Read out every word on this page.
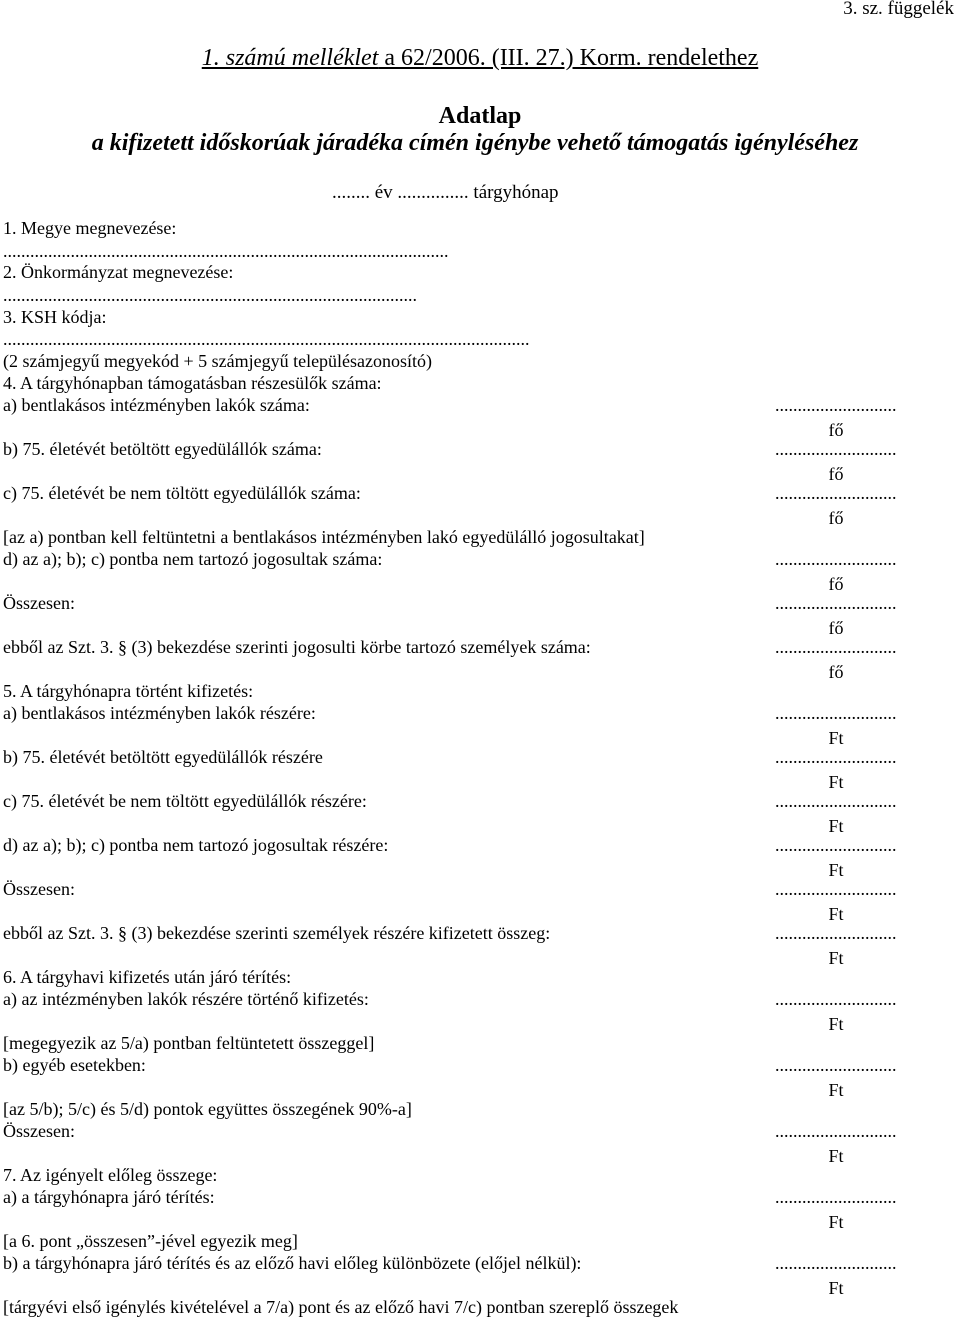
3. sz. függelék
1. számú melléklet a 62/2006. (III. 27.) Korm. rendelethez
Adatlap
a kifizetett időskorúak járadéka címén igénybe vehető támogatás igényléséhez
........ év ............... tárgyhónap
1. Megye megnevezése:
...................................................................................................
2. Önkormányzat megnevezése:
............................................................................................
3. KSH kódja:
.....................................................................................................................
(2 számjegyű megyekód + 5 számjegyű településazonosító)
4. A tárgyhónapban támogatásban részesülők száma:
a) bentlakásos intézményben lakók száma:
b) 75. életévét betöltött egyedülállók száma:
c) 75. életévét be nem töltött egyedülállók száma:
[az a) pontban kell feltüntetni a bentlakásos intézményben lakó egyedülálló jogosultakat]
d) az a); b); c) pontba nem tartozó jogosultak száma:
Összesen:
ebből az Szt. 3. § (3) bekezdése szerinti jogosulti körbe tartozó személyek száma:
5. A tárgyhónapra történt kifizetés:
a) bentlakásos intézményben lakók részére:
b) 75. életévét betöltött egyedülállók részére
c) 75. életévét be nem töltött egyedülállók részére:
d) az a); b); c) pontba nem tartozó jogosultak részére:
Összesen:
ebből az Szt. 3. § (3) bekezdése szerinti személyek részére kifizetett összeg:
6. A tárgyhavi kifizetés után járó térítés:
a) az intézményben lakók részére történő kifizetés:
[megegyezik az 5/a) pontban feltüntetett összeggel]
b) egyéb esetekben:
[az 5/b); 5/c) és 5/d) pontok együttes összegének 90%-a]
Összesen:
7. Az igényelt előleg összege:
a) a tárgyhónapra járó térítés:
[a 6. pont „összesen”-jével egyezik meg]
b) a tárgyhónapra járó térítés és az előző havi előleg különbözete (előjel nélkül):
[tárgyévi első igénylés kivételével a 7/a) pont és az előző havi 7/c) pontban szereplő összegek
...........................
fő
...........................
fő
...........................
fő
...........................
fő
...........................
fő
...........................
fő
...........................
Ft
...........................
Ft
...........................
Ft
...........................
Ft
...........................
Ft
...........................
Ft
...........................
Ft
...........................
Ft
...........................
Ft
...........................
Ft
...........................
Ft
